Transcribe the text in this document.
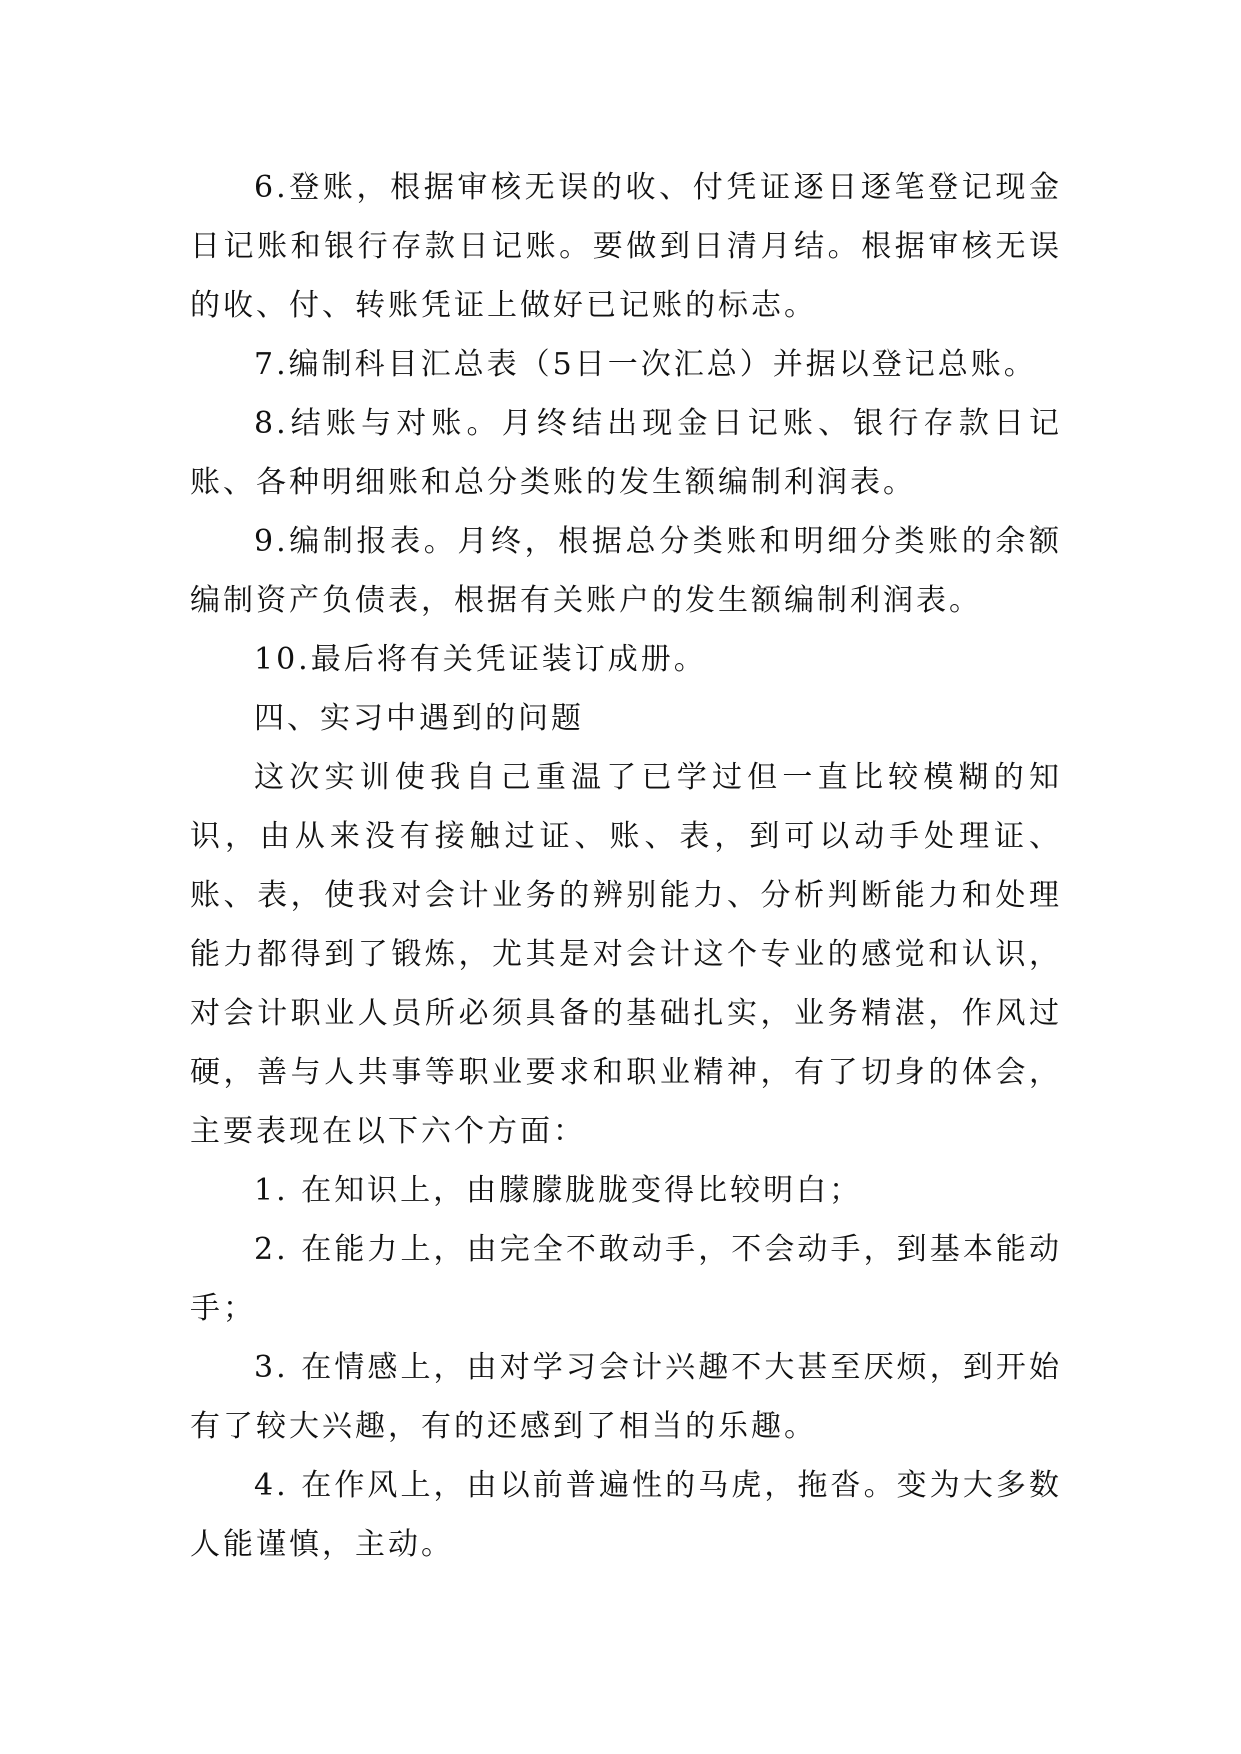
6.登账，根据审核无误的收、付凭证逐日逐笔登记现金日记账和银行存款日记账。要做到日清月结。根据审核无误的收、付、转账凭证上做好已记账的标志。

7.编制科目汇总表（5日一次汇总）并据以登记总账。

8.结账与对账。月终结出现金日记账、银行存款日记账、各种明细账和总分类账的发生额编制利润表。

9.编制报表。月终，根据总分类账和明细分类账的余额编制资产负债表，根据有关账户的发生额编制利润表。

10.最后将有关凭证装订成册。

四、实习中遇到的问题

这次实训使我自己重温了已学过但一直比较模糊的知识，由从来没有接触过证、账、表，到可以动手处理证、账、表，使我对会计业务的辨别能力、分析判断能力和处理能力都得到了锻炼，尤其是对会计这个专业的感觉和认识，对会计职业人员所必须具备的基础扎实，业务精湛，作风过硬，善与人共事等职业要求和职业精神，有了切身的体会，主要表现在以下六个方面：

1. 在知识上，由朦朦胧胧变得比较明白；

2. 在能力上，由完全不敢动手，不会动手，到基本能动手；

3. 在情感上，由对学习会计兴趣不大甚至厌烦，到开始有了较大兴趣，有的还感到了相当的乐趣。

4. 在作风上，由以前普遍性的马虎，拖沓。变为大多数人能谨慎，主动。
